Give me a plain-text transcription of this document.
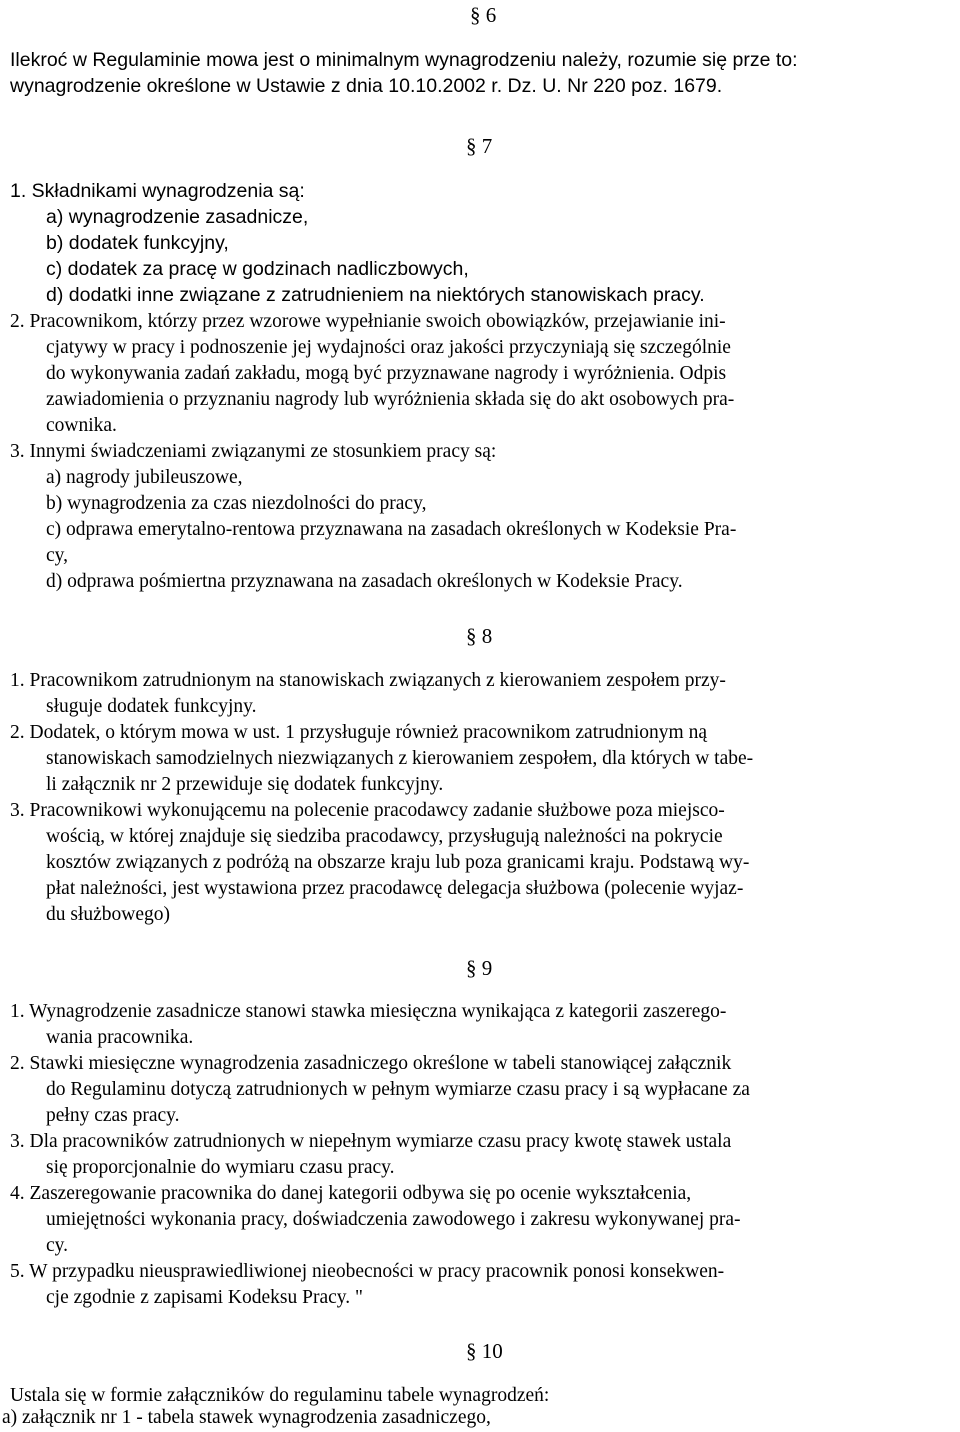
§ 6
Ilekroć w Regulaminie mowa jest o minimalnym wynagrodzeniu należy, rozumie się prze to:
wynagrodzenie określone w Ustawie z dnia 10.10.2002 r. Dz. U. Nr 220 poz. 1679.
§ 7
1. Składnikami wynagrodzenia są:
a) wynagrodzenie zasadnicze,
b) dodatek funkcyjny,
c) dodatek za pracę w godzinach nadliczbowych,
d) dodatki inne związane z zatrudnieniem na niektórych stanowiskach pracy.
2. Pracownikom, którzy przez wzorowe wypełnianie swoich obowiązków, przejawianie ini-
cjatywy w pracy i podnoszenie jej wydajności oraz jakości przyczyniają się szczególnie
do wykonywania zadań zakładu, mogą być przyznawane nagrody i wyróżnienia. Odpis
zawiadomienia o przyznaniu nagrody lub wyróżnienia składa się do akt osobowych pra-
cownika.
3. Innymi świadczeniami związanymi ze stosunkiem pracy są:
a) nagrody jubileuszowe,
b) wynagrodzenia za czas niezdolności do pracy,
c) odprawa emerytalno-rentowa przyznawana na zasadach określonych w Kodeksie Pra-
cy,
d) odprawa pośmiertna przyznawana na zasadach określonych w Kodeksie Pracy.
§ 8
1. Pracownikom zatrudnionym na stanowiskach związanych z kierowaniem zespołem przy-
sługuje dodatek funkcyjny.
2. Dodatek, o którym mowa w ust. 1 przysługuje również pracownikom zatrudnionym ną
stanowiskach samodzielnych niezwiązanych z kierowaniem zespołem, dla których w tabe-
li załącznik nr 2 przewiduje się dodatek funkcyjny.
3. Pracownikowi wykonującemu na polecenie pracodawcy zadanie służbowe poza miejsco-
wością, w której znajduje się siedziba pracodawcy, przysługują należności na pokrycie
kosztów związanych z podróżą na obszarze kraju lub poza granicami kraju. Podstawą wy-
płat należności, jest wystawiona przez pracodawcę delegacja służbowa (polecenie wyjaz-
du służbowego)
§ 9
1. Wynagrodzenie zasadnicze stanowi stawka miesięczna wynikająca z kategorii zaszerego-
wania pracownika.
2. Stawki miesięczne wynagrodzenia zasadniczego określone w tabeli stanowiącej załącznik
do Regulaminu dotyczą zatrudnionych w pełnym wymiarze czasu pracy i są wypłacane za
pełny czas pracy.
3. Dla pracowników zatrudnionych w niepełnym wymiarze czasu pracy kwotę stawek ustala
się proporcjonalnie do wymiaru czasu pracy.
4. Zaszeregowanie pracownika do danej kategorii odbywa się po ocenie wykształcenia,
umiejętności wykonania pracy, doświadczenia zawodowego i zakresu wykonywanej pra-
cy.
5. W przypadku nieusprawiedliwionej nieobecności w pracy pracownik ponosi konsekwen-
cje zgodnie z zapisami Kodeksu Pracy. "
§ 10
Ustala się w formie załączników do regulaminu tabele wynagrodzeń:
a) załącznik nr 1 - tabela stawek wynagrodzenia zasadniczego,
